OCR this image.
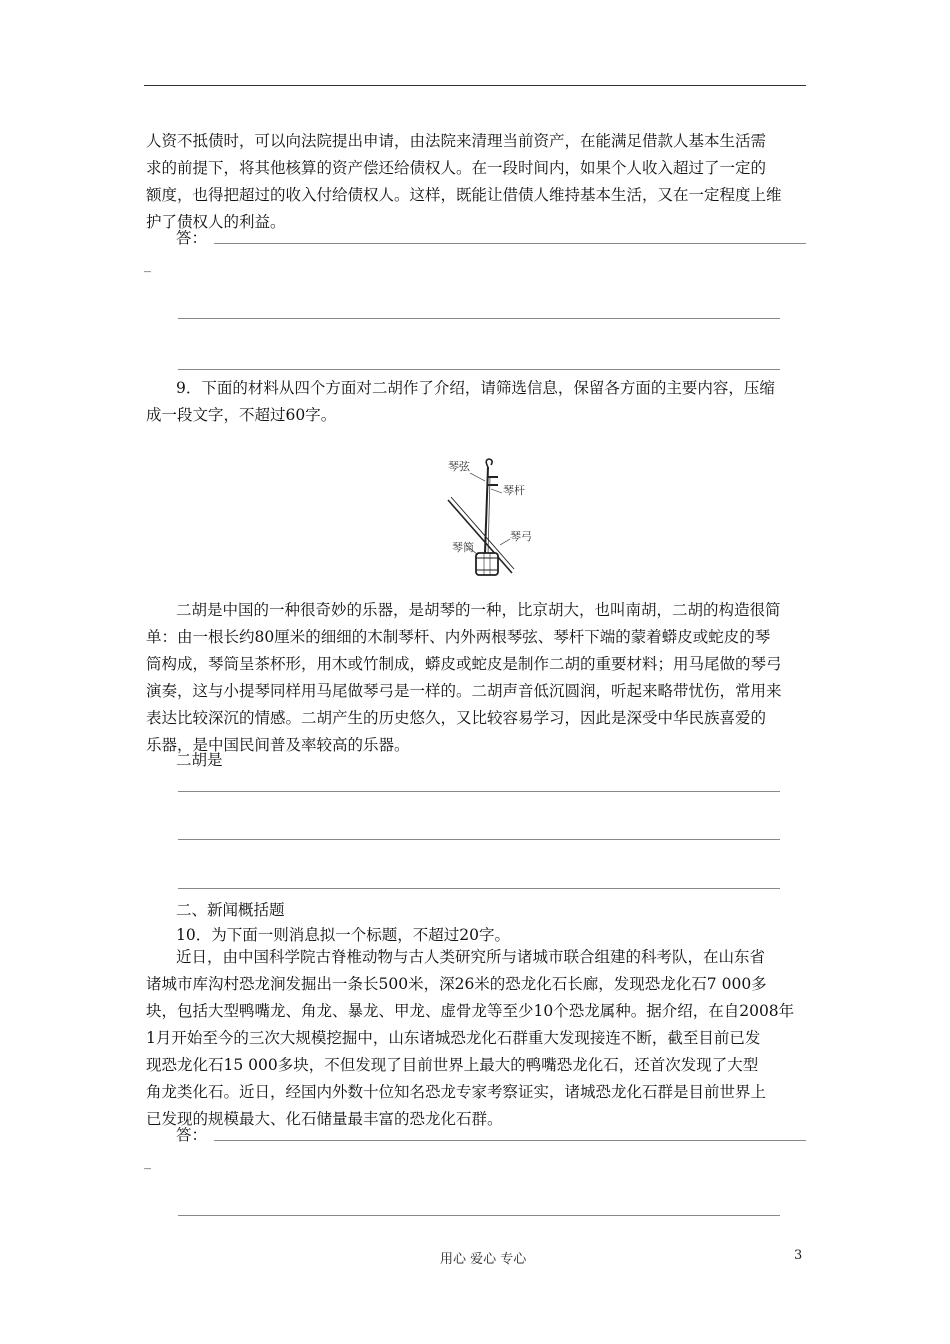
人资不抵债时，可以向法院提出申请，由法院来清理当前资产，在能满足借款人基本生活需
求的前提下，将其他核算的资产偿还给债权人。在一段时间内，如果个人收入超过了一定的
额度，也得把超过的收入付给债权人。这样，既能让借债人维持基本生活，又在一定程度上维
护了债权人的利益。
答：
_
9．下面的材料从四个方面对二胡作了介绍，请筛选信息，保留各方面的主要内容，压缩
成一段文字，不超过60字。
琴弦
琴杆
琴弓
琴筒
二胡是中国的一种很奇妙的乐器，是胡琴的一种，比京胡大，也叫南胡，二胡的构造很简
单：由一根长约80厘米的细细的木制琴杆、内外两根琴弦、琴杆下端的蒙着蟒皮或蛇皮的琴
筒构成，琴筒呈茶杯形，用木或竹制成，蟒皮或蛇皮是制作二胡的重要材料；用马尾做的琴弓
演奏，这与小提琴同样用马尾做琴弓是一样的。二胡声音低沉圆润，听起来略带忧伤，常用来
表达比较深沉的情感。二胡产生的历史悠久，又比较容易学习，因此是深受中华民族喜爱的
乐器，是中国民间普及率较高的乐器。
二胡是
二、新闻概括题
10．为下面一则消息拟一个标题，不超过20字。
近日，由中国科学院古脊椎动物与古人类研究所与诸城市联合组建的科考队，在山东省
诸城市库沟村恐龙涧发掘出一条长500米，深26米的恐龙化石长廊，发现恐龙化石7 000多
块，包括大型鸭嘴龙、角龙、暴龙、甲龙、虚骨龙等至少10个恐龙属种。据介绍，在自2008年
1月开始至今的三次大规模挖掘中，山东诸城恐龙化石群重大发现接连不断，截至目前已发
现恐龙化石15 000多块，不但发现了目前世界上最大的鸭嘴恐龙化石，还首次发现了大型
角龙类化石。近日，经国内外数十位知名恐龙专家考察证实，诸城恐龙化石群是目前世界上
已发现的规模最大、化石储量最丰富的恐龙化石群。
答：
_
用心 爱心 专心	3
